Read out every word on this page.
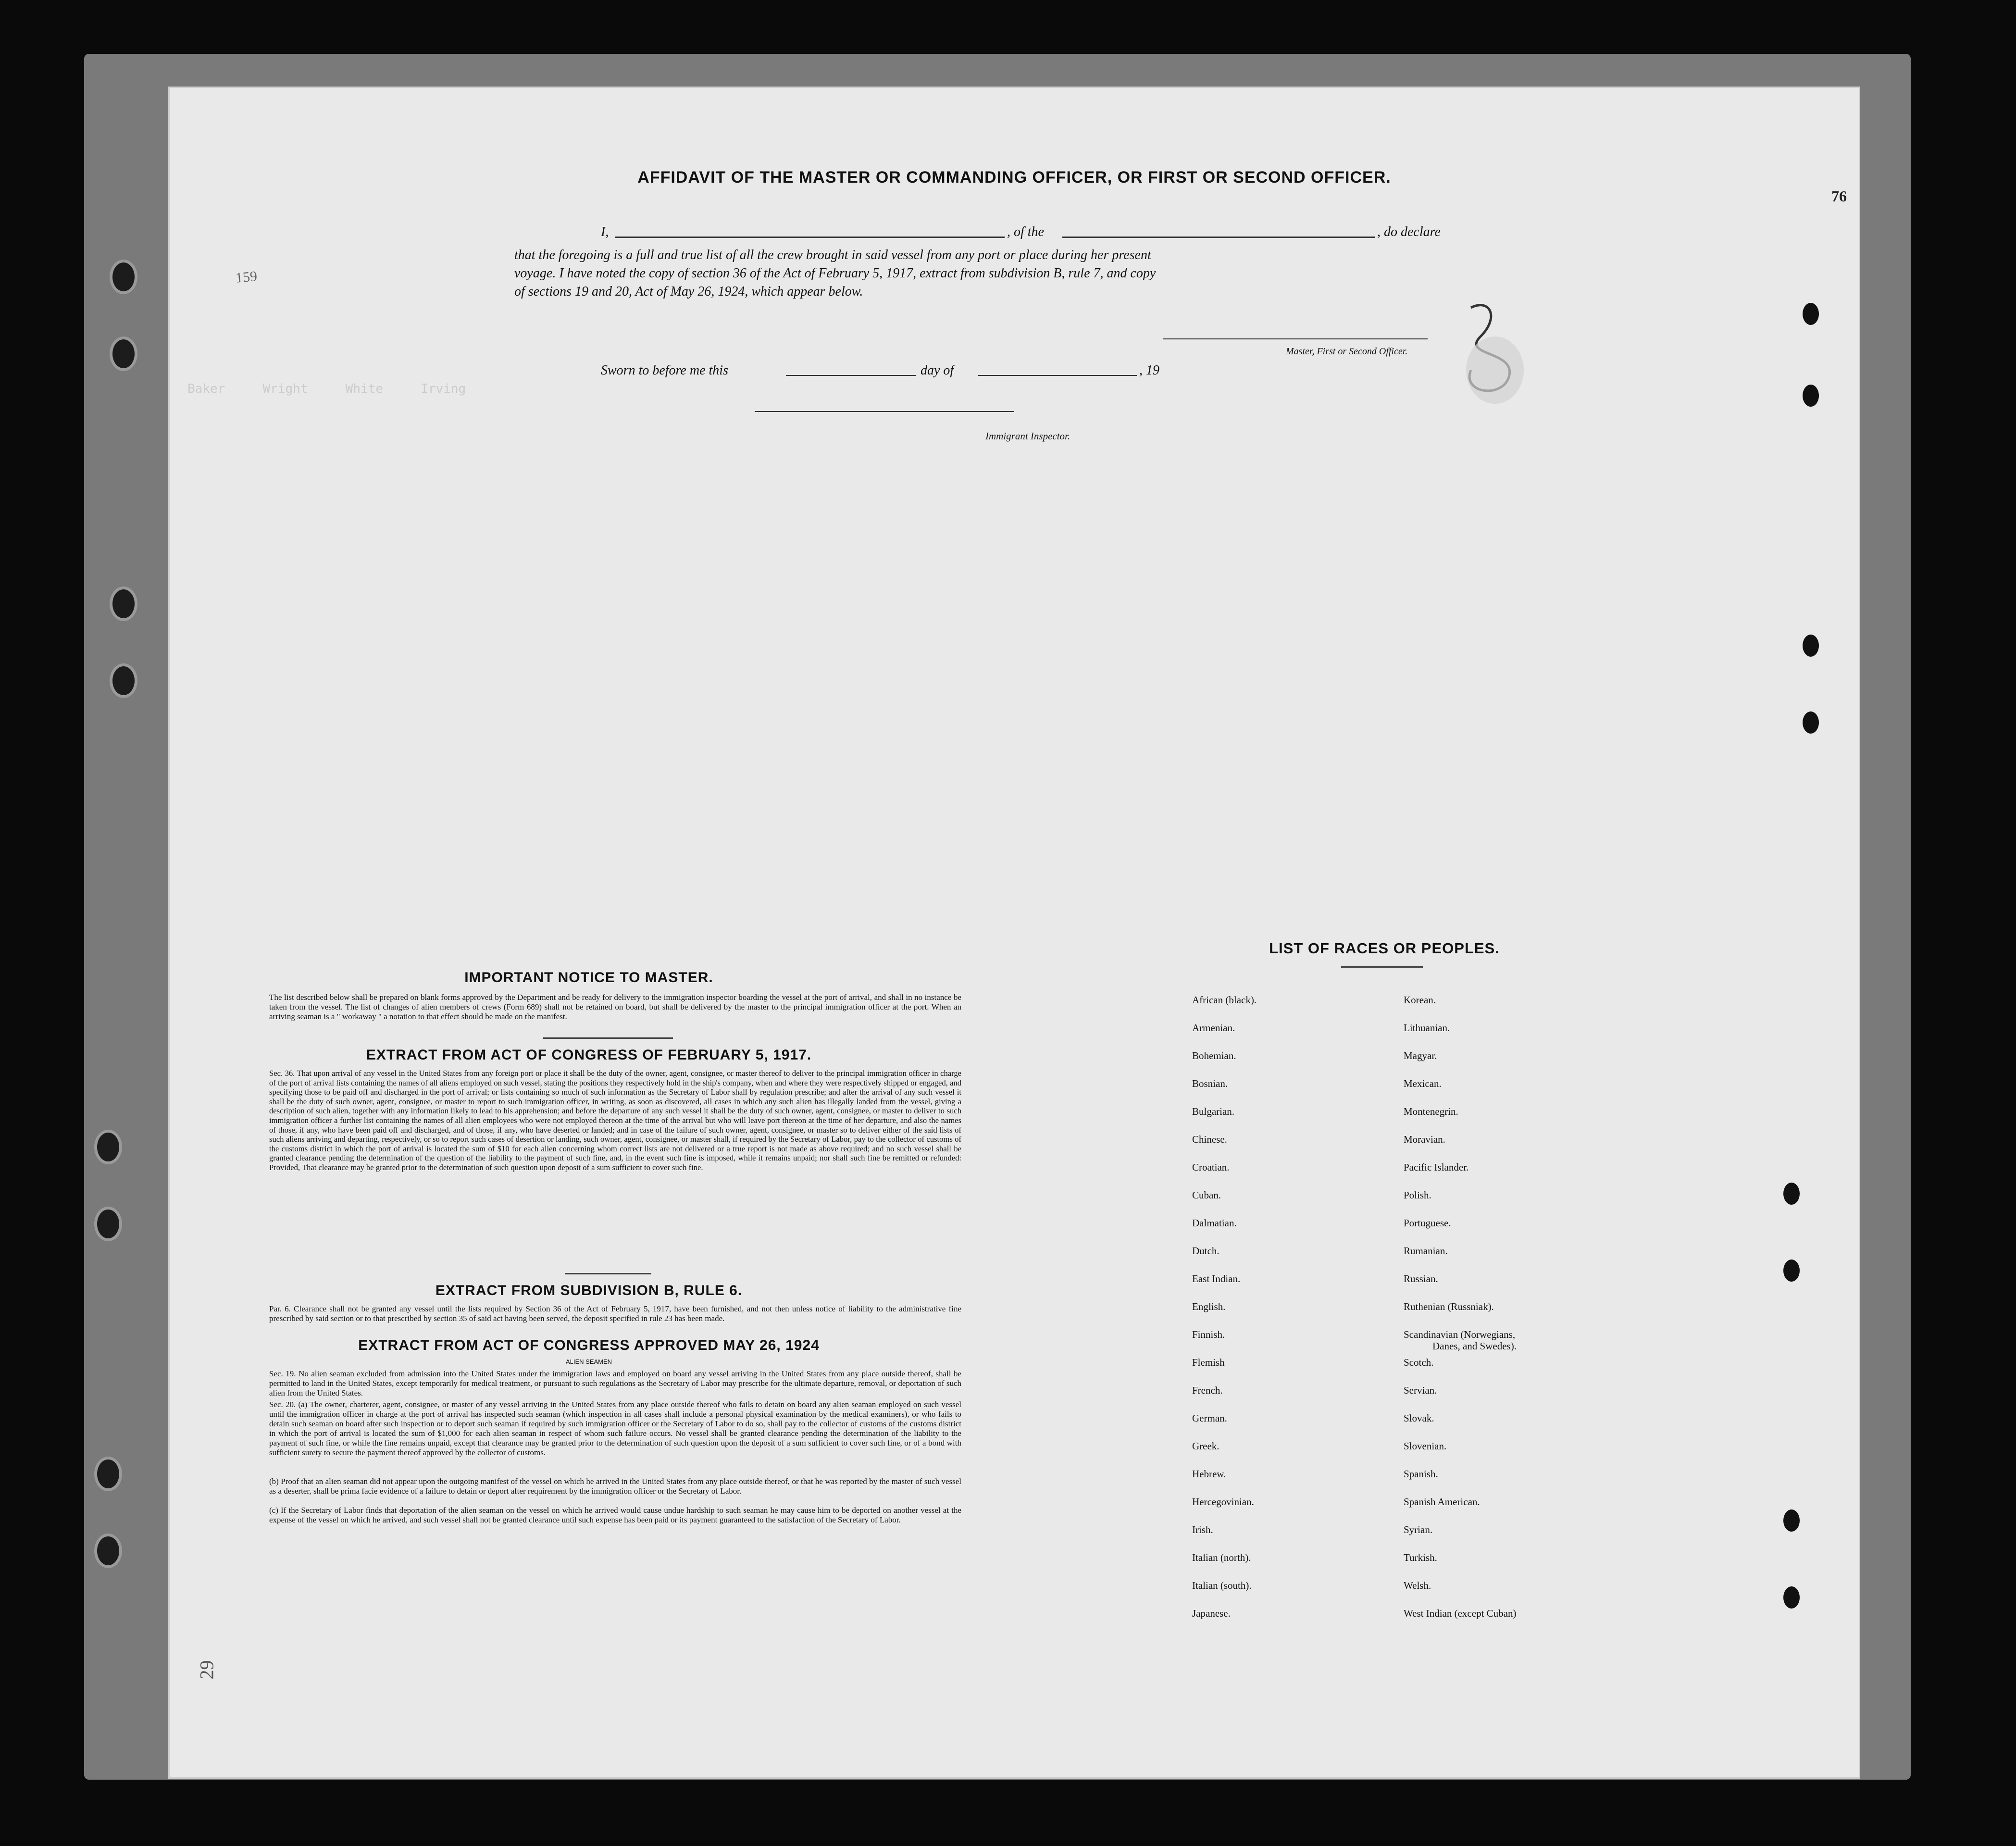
Baker     Wright     White     Irving
159
76
29
AFFIDAVIT OF THE MASTER OR COMMANDING OFFICER, OR FIRST OR SECOND OFFICER.
I,	, of the	, do declare
that the foregoing is a full and true list of all the crew brought in said vessel from any port or place during her present
voyage. I have noted the copy of section 36 of the Act of February 5, 1917, extract from subdivision B, rule 7, and copy
of sections 19 and 20, Act of May 26, 1924, which appear below.
Master, First or Second Officer.
Sworn to before me this	day of	, 19
Immigrant Inspector.
IMPORTANT NOTICE TO MASTER.
The list described below shall be prepared on blank forms approved by the Department and be ready for delivery to the immigration inspector boarding the vessel at the port of arrival, and shall in no instance be taken from the vessel. The list of changes of alien members of crews (Form 689) shall not be retained on board, but shall be delivered by the master to the principal immigration officer at the port. When an arriving seaman is a " workaway " a notation to that effect should be made on the manifest.
EXTRACT FROM ACT OF CONGRESS OF FEBRUARY 5, 1917.
Sec. 36. That upon arrival of any vessel in the United States from any foreign port or place it shall be the duty of the owner, agent, consignee, or master thereof to deliver to the principal immigration officer in charge of the port of arrival lists containing the names of all aliens employed on such vessel, stating the positions they respectively hold in the ship's company, when and where they were respectively shipped or engaged, and specifying those to be paid off and discharged in the port of arrival; or lists containing so much of such information as the Secretary of Labor shall by regulation prescribe; and after the arrival of any such vessel it shall be the duty of such owner, agent, consignee, or master to report to such immigration officer, in writing, as soon as discovered, all cases in which any such alien has illegally landed from the vessel, giving a description of such alien, together with any information likely to lead to his apprehension; and before the departure of any such vessel it shall be the duty of such owner, agent, consignee, or master to deliver to such immigration officer a further list containing the names of all alien employees who were not employed thereon at the time of the arrival but who will leave port thereon at the time of her departure, and also the names of those, if any, who have been paid off and discharged, and of those, if any, who have deserted or landed; and in case of the failure of such owner, agent, consignee, or master so to deliver either of the said lists of such aliens arriving and departing, respectively, or so to report such cases of desertion or landing, such owner, agent, consignee, or master shall, if required by the Secretary of Labor, pay to the collector of customs of the customs district in which the port of arrival is located the sum of $10 for each alien concerning whom correct lists are not delivered or a true report is not made as above required; and no such vessel shall be granted clearance pending the determination of the question of the liability to the payment of such fine, and, in the event such fine is imposed, while it remains unpaid; nor shall such fine be remitted or refunded: Provided, That clearance may be granted prior to the determination of such question upon deposit of a sum sufficient to cover such fine.
EXTRACT FROM SUBDIVISION B, RULE 6.
Par. 6. Clearance shall not be granted any vessel until the lists required by Section 36 of the Act of February 5, 1917, have been furnished, and not then unless notice of liability to the administrative fine prescribed by said section or to that prescribed by section 35 of said act having been served, the deposit specified in rule 23 has been made.
EXTRACT FROM ACT OF CONGRESS APPROVED MAY 26, 1924
ALIEN SEAMEN
Sec. 19. No alien seaman excluded from admission into the United States under the immigration laws and employed on board any vessel arriving in the United States from any place outside thereof, shall be permitted to land in the United States, except temporarily for medical treatment, or pursuant to such regulations as the Secretary of Labor may prescribe for the ultimate departure, removal, or deportation of such alien from the United States.
Sec. 20. (a) The owner, charterer, agent, consignee, or master of any vessel arriving in the United States from any place outside thereof who fails to detain on board any alien seaman employed on such vessel until the immigration officer in charge at the port of arrival has inspected such seaman (which inspection in all cases shall include a personal physical examination by the medical examiners), or who fails to detain such seaman on board after such inspection or to deport such seaman if required by such immigration officer or the Secretary of Labor to do so, shall pay to the collector of customs of the customs district in which the port of arrival is located the sum of $1,000 for each alien seaman in respect of whom such failure occurs. No vessel shall be granted clearance pending the determination of the liability to the payment of such fine, or while the fine remains unpaid, except that clearance may be granted prior to the determination of such question upon the deposit of a sum sufficient to cover such fine, or of a bond with sufficient surety to secure the payment thereof approved by the collector of customs.
(b) Proof that an alien seaman did not appear upon the outgoing manifest of the vessel on which he arrived in the United States from any place outside thereof, or that he was reported by the master of such vessel as a deserter, shall be prima facie evidence of a failure to detain or deport after requirement by the immigration officer or the Secretary of Labor.
(c) If the Secretary of Labor finds that deportation of the alien seaman on the vessel on which he arrived would cause undue hardship to such seaman he may cause him to be deported on another vessel at the expense of the vessel on which he arrived, and such vessel shall not be granted clearance until such expense has been paid or its payment guaranteed to the satisfaction of the Secretary of Labor.
LIST OF RACES OR PEOPLES.
African (black).
Armenian.
Bohemian.
Bosnian.
Bulgarian.
Chinese.
Croatian.
Cuban.
Dalmatian.
Dutch.
East Indian.
English.
Finnish.
Flemish
French.
German.
Greek.
Hebrew.
Hercegovinian.
Irish.
Italian (north).
Italian (south).
Japanese.
Korean.
Lithuanian.
Magyar.
Mexican.
Montenegrin.
Moravian.
Pacific Islander.
Polish.
Portuguese.
Rumanian.
Russian.
Ruthenian (Russniak).
Scandinavian (Norwegians,
Danes, and Swedes).
Scotch.
Servian.
Slovak.
Slovenian.
Spanish.
Spanish American.
Syrian.
Turkish.
Welsh.
West Indian (except Cuban)
